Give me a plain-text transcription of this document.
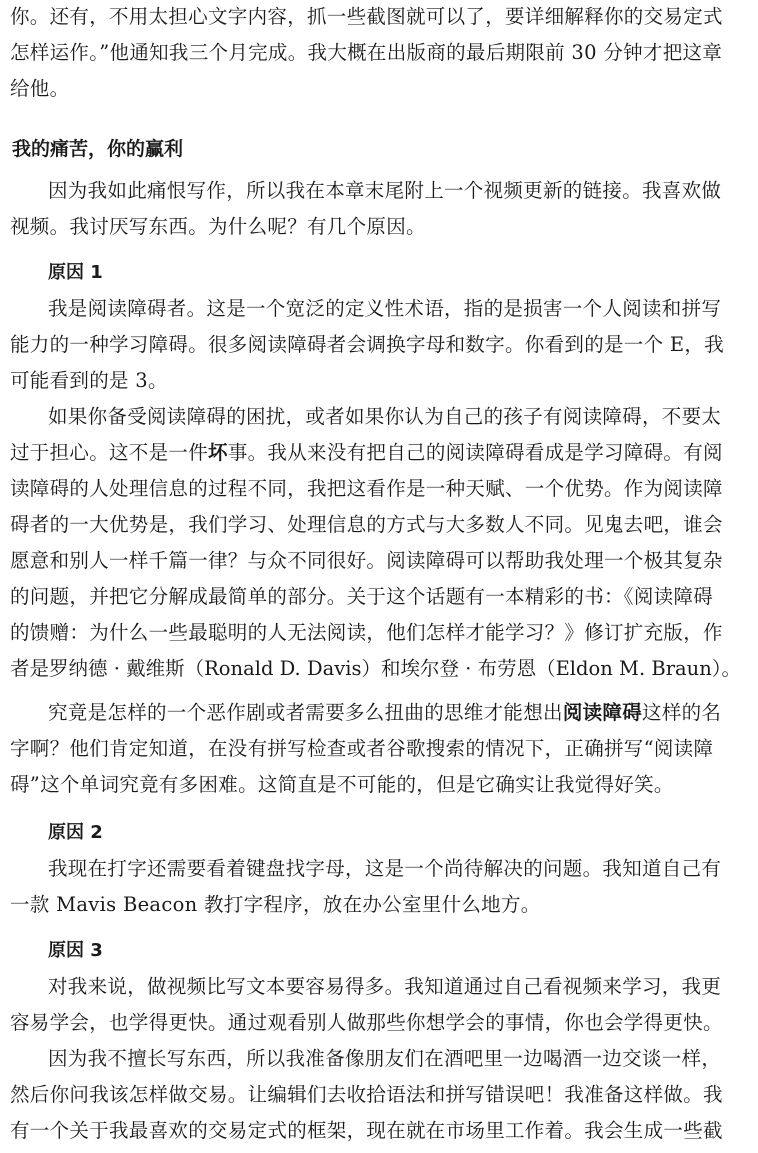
你。还有，不用太担心文字内容，抓一些截图就可以了，要详细解释你的交易定式
怎样运作。”他通知我三个月完成。我大概在出版商的最后期限前 30 分钟才把这章
给他。
我的痛苦，你的赢利
因为我如此痛恨写作，所以我在本章末尾附上一个视频更新的链接。我喜欢做
视频。我讨厌写东西。为什么呢？有几个原因。
原因 1
我是阅读障碍者。这是一个宽泛的定义性术语，指的是损害一个人阅读和拼写
能力的一种学习障碍。很多阅读障碍者会调换字母和数字。你看到的是一个 E，我
可能看到的是 3。
如果你备受阅读障碍的困扰，或者如果你认为自己的孩子有阅读障碍，不要太
过于担心。这不是一件坏事。我从来没有把自己的阅读障碍看成是学习障碍。有阅
读障碍的人处理信息的过程不同，我把这看作是一种天赋、一个优势。作为阅读障
碍者的一大优势是，我们学习、处理信息的方式与大多数人不同。见鬼去吧，谁会
愿意和别人一样千篇一律？与众不同很好。阅读障碍可以帮助我处理一个极其复杂
的问题，并把它分解成最简单的部分。关于这个话题有一本精彩的书：《阅读障碍
的馈赠：为什么一些最聪明的人无法阅读，他们怎样才能学习？》修订扩充版，作
者是罗纳德 · 戴维斯（Ronald D. Davis）和埃尔登 · 布劳恩（Eldon M. Braun）。
究竟是怎样的一个恶作剧或者需要多么扭曲的思维才能想出阅读障碍这样的名
字啊？他们肯定知道，在没有拼写检查或者谷歌搜索的情况下，正确拼写“阅读障
碍”这个单词究竟有多困难。这简直是不可能的，但是它确实让我觉得好笑。
原因 2
我现在打字还需要看着键盘找字母，这是一个尚待解决的问题。我知道自己有
一款 Mavis Beacon 教打字程序，放在办公室里什么地方。
原因 3
对我来说，做视频比写文本要容易得多。我知道通过自己看视频来学习，我更
容易学会，也学得更快。通过观看别人做那些你想学会的事情，你也会学得更快。
因为我不擅长写东西，所以我准备像朋友们在酒吧里一边喝酒一边交谈一样，
然后你问我该怎样做交易。让编辑们去收拾语法和拼写错误吧！我准备这样做。我
有一个关于我最喜欢的交易定式的框架，现在就在市场里工作着。我会生成一些截
